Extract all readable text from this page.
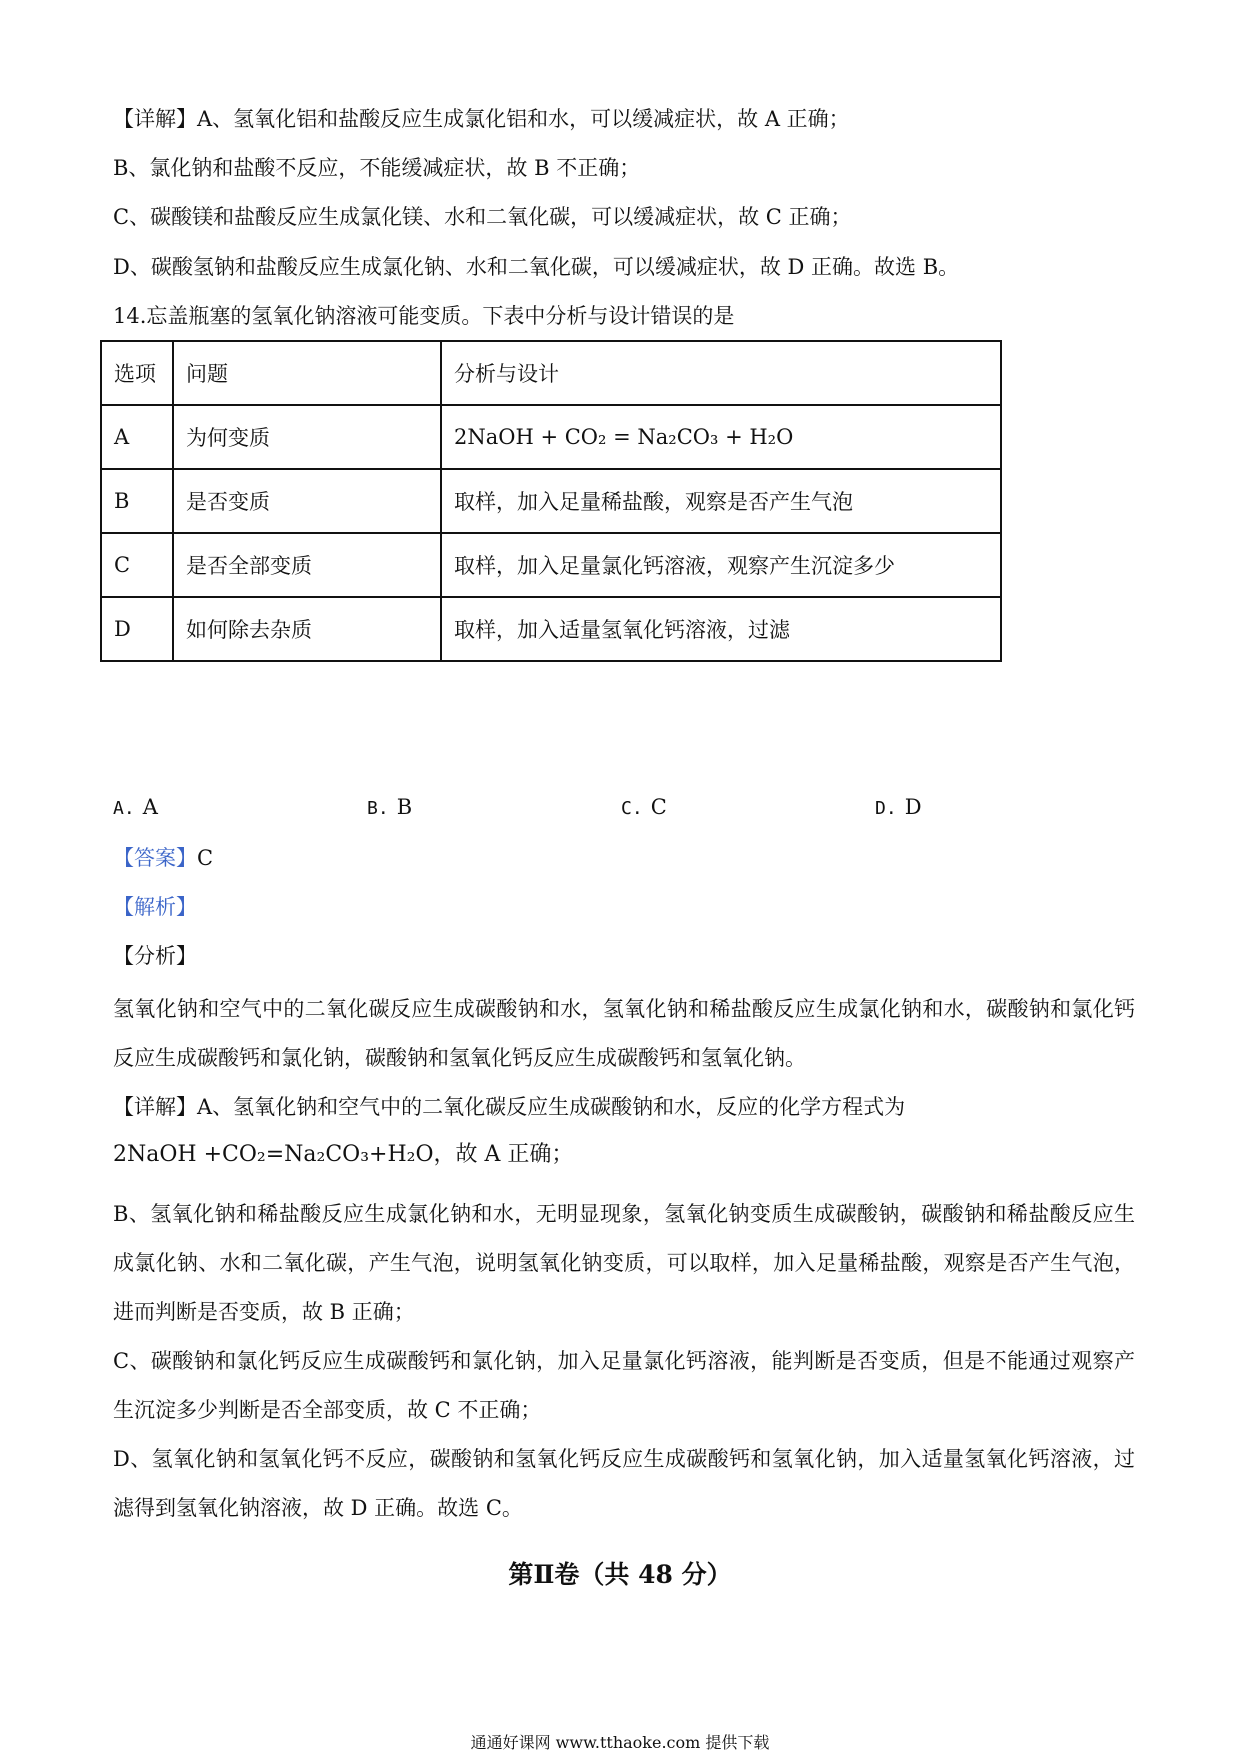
【详解】A、氢氧化铝和盐酸反应生成氯化铝和水，可以缓减症状，故 A 正确；
B、氯化钠和盐酸不反应，不能缓减症状，故 B 不正确；
C、碳酸镁和盐酸反应生成氯化镁、水和二氧化碳，可以缓减症状，故 C 正确；
D、碳酸氢钠和盐酸反应生成氯化钠、水和二氧化碳，可以缓减症状，故 D 正确。故选 B。
14.忘盖瓶塞的氢氧化钠溶液可能变质。下表中分析与设计错误的是
选项	问题	分析与设计
A	为何变质	2NaOH + CO₂ = Na₂CO₃ + H₂O
B	是否变质	取样，加入足量稀盐酸，观察是否产生气泡
C	是否全部变质	取样，加入足量氯化钙溶液，观察产生沉淀多少
D	如何除去杂质	取样，加入适量氢氧化钙溶液，过滤
A. A	B. B	C. C	D. D
【答案】C
【解析】
【分析】
氢氧化钠和空气中的二氧化碳反应生成碳酸钠和水，氢氧化钠和稀盐酸反应生成氯化钠和水，碳酸钠和氯化钙反应生成碳酸钙和氯化钠，碳酸钠和氢氧化钙反应生成碳酸钙和氢氧化钠。
【详解】A、氢氧化钠和空气中的二氧化碳反应生成碳酸钠和水，反应的化学方程式为
2NaOH +CO₂=Na₂CO₃+H₂O，故 A 正确；
B、氢氧化钠和稀盐酸反应生成氯化钠和水，无明显现象，氢氧化钠变质生成碳酸钠，碳酸钠和稀盐酸反应生成氯化钠、水和二氧化碳，产生气泡，说明氢氧化钠变质，可以取样，加入足量稀盐酸，观察是否产生气泡，进而判断是否变质，故 B 正确；
C、碳酸钠和氯化钙反应生成碳酸钙和氯化钠，加入足量氯化钙溶液，能判断是否变质，但是不能通过观察产生沉淀多少判断是否全部变质，故 C 不正确；
D、氢氧化钠和氢氧化钙不反应，碳酸钠和氢氧化钙反应生成碳酸钙和氢氧化钠，加入适量氢氧化钙溶液，过滤得到氢氧化钠溶液，故 D 正确。故选 C。
第Ⅱ卷（共 48 分）
通通好课网 www.tthaoke.com 提供下载
